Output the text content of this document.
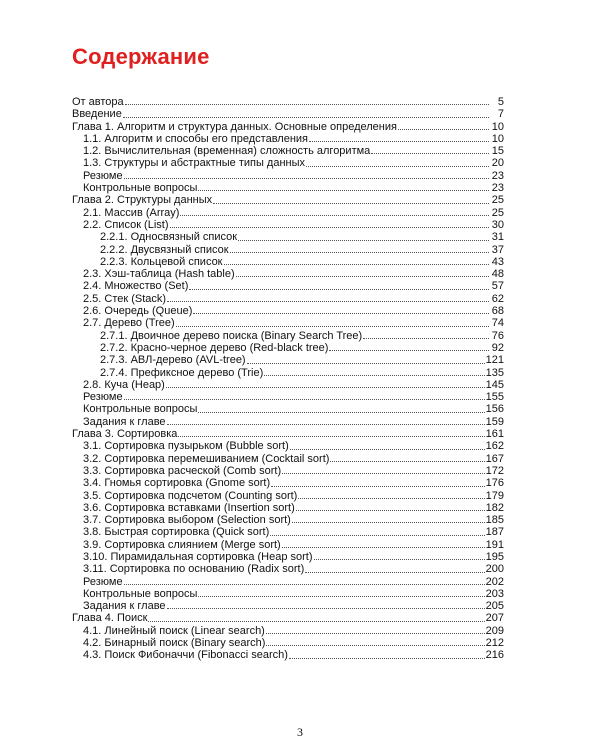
Содержание
От автора	5
Введение	7
Глава 1. Алгоритм и структура данных. Основные определения	10
1.1. Алгоритм и способы его представления	10
1.2. Вычислительная (временная) сложность алгоритма	15
1.3. Структуры и абстрактные типы данных	20
Резюме	23
Контрольные вопросы	23
Глава 2. Структуры данных	25
2.1. Массив (Array)	25
2.2. Список (List)	30
2.2.1. Односвязный список	31
2.2.2. Двусвязный список	37
2.2.3. Кольцевой список	43
2.3. Хэш-таблица (Hash table)	48
2.4. Множество (Set)	57
2.5. Стек (Stack)	62
2.6. Очередь (Queue)	68
2.7. Дерево (Tree)	74
2.7.1. Двоичное дерево поиска (Binary Search Tree)	76
2.7.2. Красно-черное дерево (Red-black tree)	92
2.7.3. АВЛ-дерево (AVL-tree)	121
2.7.4. Префиксное дерево (Trie)	135
2.8. Куча (Heap)	145
Резюме	155
Контрольные вопросы	156
Задания к главе	159
Глава 3. Сортировка	161
3.1. Сортировка пузырьком (Bubble sort)	162
3.2. Сортировка перемешиванием (Cocktail sort)	167
3.3. Сортировка расческой (Comb sort)	172
3.4. Гномья сортировка (Gnome sort)	176
3.5. Сортировка подсчетом (Counting sort)	179
3.6. Сортировка вставками (Insertion sort)	182
3.7. Сортировка выбором (Selection sort)	185
3.8. Быстрая сортировка (Quick sort)	187
3.9. Сортировка слиянием (Merge sort)	191
3.10. Пирамидальная сортировка (Heap sort)	195
3.11. Сортировка по основанию (Radix sort)	200
Резюме	202
Контрольные вопросы	203
Задания к главе	205
Глава 4. Поиск	207
4.1. Линейный поиск (Linear search)	209
4.2. Бинарный поиск (Binary search)	212
4.3. Поиск Фибоначчи (Fibonacci search)	216
3
